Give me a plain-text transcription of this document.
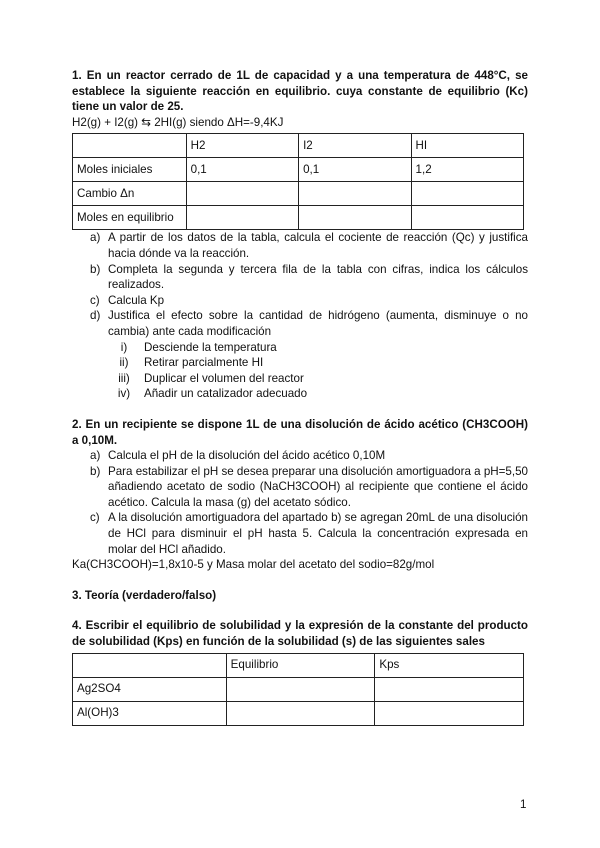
1. En un reactor cerrado de 1L de capacidad y a una temperatura de 448°C, se establece la siguiente reacción en equilibrio. cuya constante de equilibrio (Kc) tiene un valor de 25.

H2(g) + I2(g) ⇆ 2HI(g) siendo ΔH=-9,4KJ

	H2	I2	HI
Moles iniciales	0,1	0,1	1,2
Cambio Δn			
Moles en equilibrio			
a) A partir de los datos de la tabla, calcula el cociente de reacción (Qc) y justifica hacia dónde va la reacción.
b) Completa la segunda y tercera fila de la tabla con cifras, indica los cálculos realizados.
c) Calcula Kp
d) Justifica el efecto sobre la cantidad de hidrógeno (aumenta, disminuye o no cambia) ante cada modificación
i)	Desciende la temperatura
ii)	Retirar parcialmente HI
iii)	Duplicar el volumen del reactor
iv)	Añadir un catalizador adecuado

2. En un recipiente se dispone 1L de una disolución de ácido acético (CH3COOH) a 0,10M.

a) Calcula el pH de la disolución del ácido acético 0,10M
b) Para estabilizar el pH se desea preparar una disolución amortiguadora a pH=5,50 añadiendo acetato de sodio (NaCH3COOH) al recipiente que contiene el ácido acético. Calcula la masa (g) del acetato sódico.
c) A la disolución amortiguadora del apartado b) se agregan 20mL de una disolución de HCl para disminuir el pH hasta 5. Calcula la concentración expresada en molar del HCl añadido.

Ka(CH3COOH)=1,8x10-5 y Masa molar del acetato del sodio=82g/mol

3. Teoría (verdadero/falso)

4. Escribir el equilibrio de solubilidad y la expresión de la constante del producto de solubilidad (Kps) en función de la solubilidad (s) de las siguientes sales

	Equilibrio	Kps
Ag2SO4		
Al(OH)3		
1
